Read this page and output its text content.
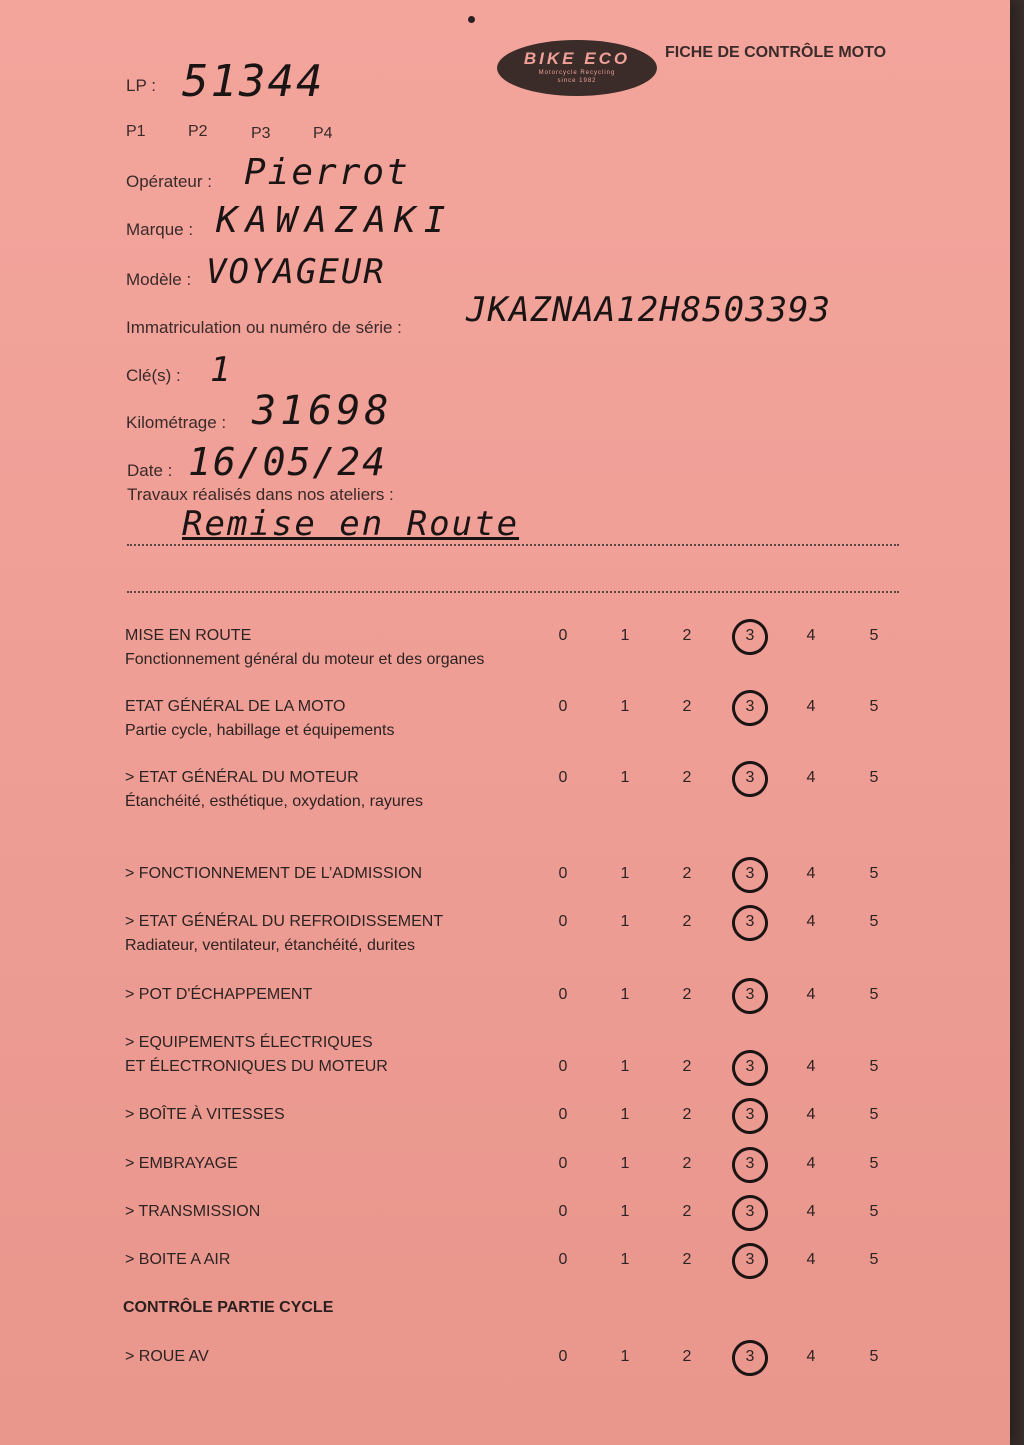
BIKE ECO
Motorcycle Recycling
since 1982
FICHE DE CONTRÔLE MOTO
LP : 51344
P1	P2	P3	P4
Opérateur : Pierrot
Marque : KAWAZAKI
Modèle : VOYAGEUR
Immatriculation ou numéro de série : JKAZNAA12H8503393
Clé(s) : 1
Kilométrage : 31698
Date : 16/05/24
Travaux réalisés dans nos ateliers :
Remise en Route
MISE EN ROUTE
Fonctionnement général du moteur et des organes
0	1	2	3	4	5
ETAT GÉNÉRAL DE LA MOTO
Partie cycle, habillage et équipements
0	1	2	3	4	5
> ETAT GÉNÉRAL DU MOTEUR
Étanchéité, esthétique, oxydation, rayures
0	1	2	3	4	5
> FONCTIONNEMENT DE L’ADMISSION	0	1	2	3	4	5
> ETAT GÉNÉRAL DU REFROIDISSEMENT
Radiateur, ventilateur, étanchéité, durites
0	1	2	3	4	5
> POT D'ÉCHAPPEMENT	0	1	2	3	4	5
> EQUIPEMENTS ÉLECTRIQUES
ET ÉLECTRONIQUES DU MOTEUR	0	1	2	3	4	5
> BOÎTE À VITESSES	0	1	2	3	4	5
> EMBRAYAGE	0	1	2	3	4	5
> TRANSMISSION	0	1	2	3	4	5
> BOITE A AIR	0	1	2	3	4	5
> ROUE AV	0	1	2	3	4	5
CONTRÔLE PARTIE CYCLE
